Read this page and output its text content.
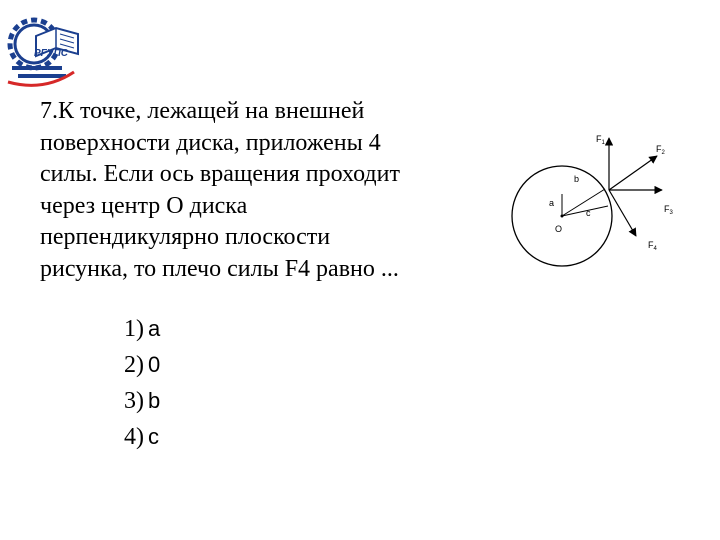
РГУПС
7.К точке, лежащей на внешней
поверхности диска, приложены 4
силы. Если ось вращения проходит
через центр О диска
перпендикулярно плоскости
рисунка, то плечо силы F4 равно ...
1) a
2) 0
3) b
4) c
a
b
c
O
$F_1$
$F_2$
$F_3$
$F_4$
